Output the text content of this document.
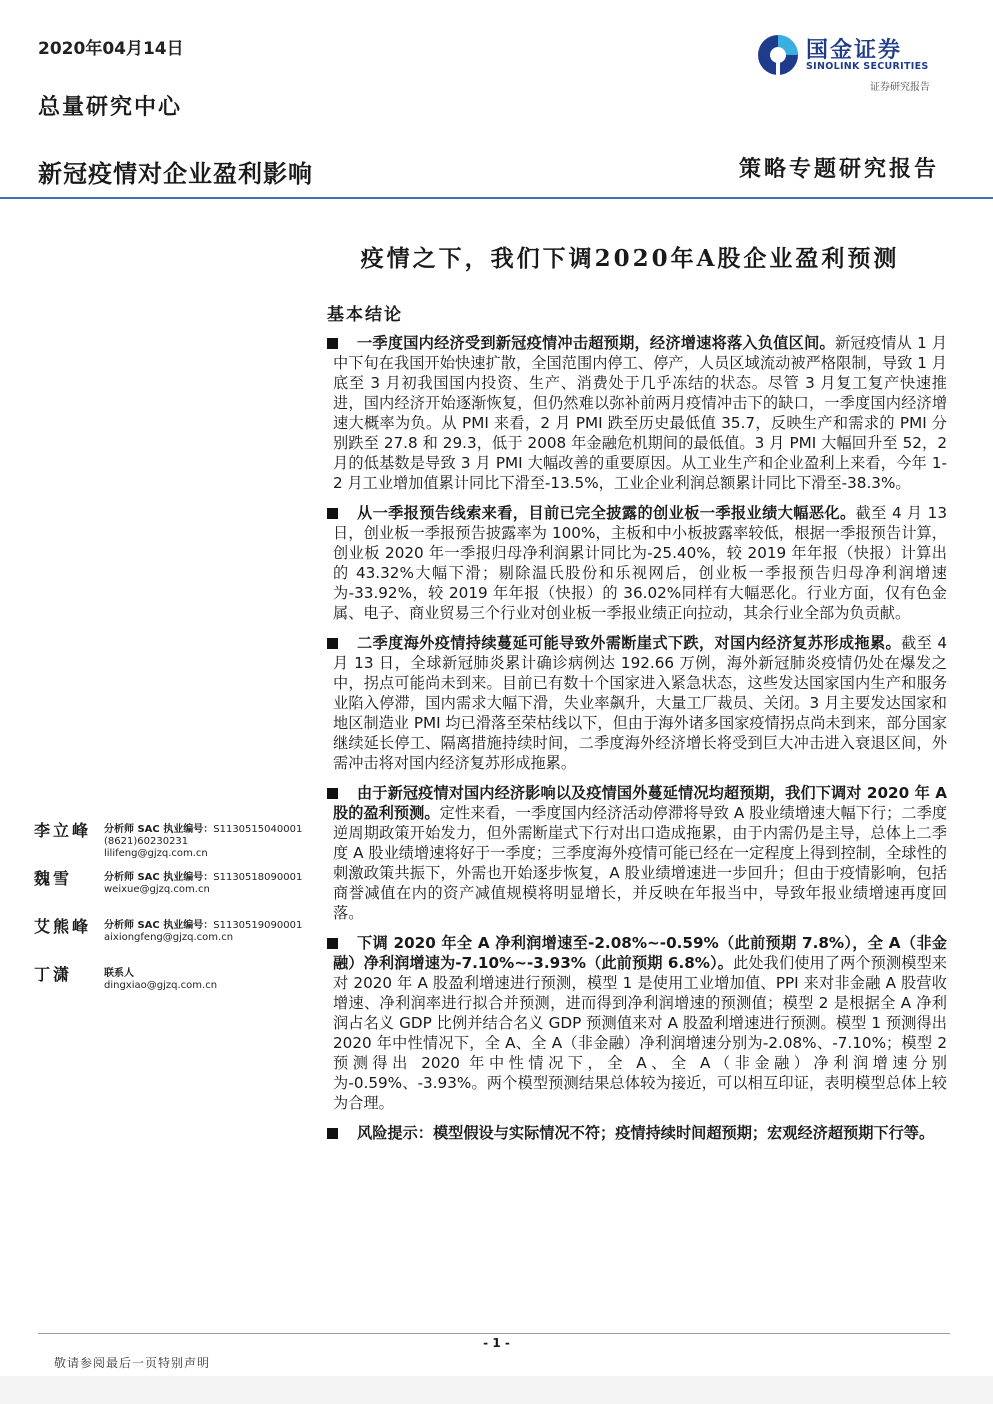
2020年04月14日
总量研究中心
新冠疫情对企业盈利影响	策略专题研究报告
国金证券
SINOLINK SECURITIES
证券研究报告
疫情之下，我们下调2020年A股企业盈利预测
基本结论
一季度国内经济受到新冠疫情冲击超预期，经济增速将落入负值区间。新冠疫情从 1 月中下旬在我国开始快速扩散，全国范围内停工、停产，人员区域流动被严格限制，导致 1 月底至 3 月初我国国内投资、生产、消费处于几乎冻结的状态。尽管 3 月复工复产快速推进，国内经济开始逐渐恢复，但仍然难以弥补前两月疫情冲击下的缺口，一季度国内经济增速大概率为负。从 PMI 来看，2 月 PMI 跌至历史最低值 35.7，反映生产和需求的 PMI 分别跌至 27.8 和 29.3，低于 2008 年金融危机期间的最低值。3 月 PMI 大幅回升至 52，2 月的低基数是导致 3 月 PMI 大幅改善的重要原因。从工业生产和企业盈利上来看，今年 1-2 月工业增加值累计同比下滑至-13.5%，工业企业利润总额累计同比下滑至-38.3%。
从一季报预告线索来看，目前已完全披露的创业板一季报业绩大幅恶化。截至 4 月 13 日，创业板一季报预告披露率为 100%，主板和中小板披露率较低，根据一季报预告计算，创业板 2020 年一季报归母净利润累计同比为-25.40%，较 2019 年年报（快报）计算出的 43.32%大幅下滑；剔除温氏股份和乐视网后，创业板一季报预告归母净利润增速为-33.92%，较 2019 年年报（快报）的 36.02%同样有大幅恶化。行业方面，仅有色金属、电子、商业贸易三个行业对创业板一季报业绩正向拉动，其余行业全部为负贡献。
二季度海外疫情持续蔓延可能导致外需断崖式下跌，对国内经济复苏形成拖累。截至 4 月 13 日，全球新冠肺炎累计确诊病例达 192.66 万例，海外新冠肺炎疫情仍处在爆发之中，拐点可能尚未到来。目前已有数十个国家进入紧急状态，这些发达国家国内生产和服务业陷入停滞，国内需求大幅下滑，失业率飙升，大量工厂裁员、关闭。3 月主要发达国家和地区制造业 PMI 均已滑落至荣枯线以下，但由于海外诸多国家疫情拐点尚未到来，部分国家继续延长停工、隔离措施持续时间，二季度海外经济增长将受到巨大冲击进入衰退区间，外需冲击将对国内经济复苏形成拖累。
由于新冠疫情对国内经济影响以及疫情国外蔓延情况均超预期，我们下调对 2020 年 A 股的盈利预测。定性来看，一季度国内经济活动停滞将导致 A 股业绩增速大幅下行；二季度逆周期政策开始发力，但外需断崖式下行对出口造成拖累，由于内需仍是主导，总体上二季度 A 股业绩增速将好于一季度；三季度海外疫情可能已经在一定程度上得到控制，全球性的刺激政策共振下，外需也开始逐步恢复，A 股业绩增速进一步回升；但由于疫情影响，包括商誉减值在内的资产减值规模将明显增长，并反映在年报当中，导致年报业绩增速再度回落。
下调 2020 年全 A 净利润增速至-2.08%~-0.59%（此前预期 7.8%），全 A（非金融）净利润增速为-7.10%~-3.93%（此前预期 6.8%）。此处我们使用了两个预测模型来对 2020 年 A 股盈利增速进行预测，模型 1 是使用工业增加值、PPI 来对非金融 A 股营收增速、净利润率进行拟合并预测，进而得到净利润增速的预测值；模型 2 是根据全 A 净利润占名义 GDP 比例并结合名义 GDP 预测值来对 A 股盈利增速进行预测。模型 1 预测得出 2020 年中性情况下，全 A、全 A（非金融）净利润增速分别为-2.08%、-7.10%；模型 2 预测得出 2020 年中性情况下，全 A、全 A（非金融）净利润增速分别为-0.59%、-3.93%。两个模型预测结果总体较为接近，可以相互印证，表明模型总体上较为合理。
风险提示：模型假设与实际情况不符；疫情持续时间超预期；宏观经济超预期下行等。
李立峰 分析师 SAC 执业编号：S1130515040001
(8621)60230231
lilifeng@gjzq.com.cn
魏雪	分析师 SAC 执业编号：S1130518090001
weixue@gjzq.com.cn
艾熊峰 分析师 SAC 执业编号：S1130519090001
aixiongfeng@gjzq.com.cn
丁潇	联系人
dingxiao@gjzq.com.cn
- 1 -
敬请参阅最后一页特别声明
